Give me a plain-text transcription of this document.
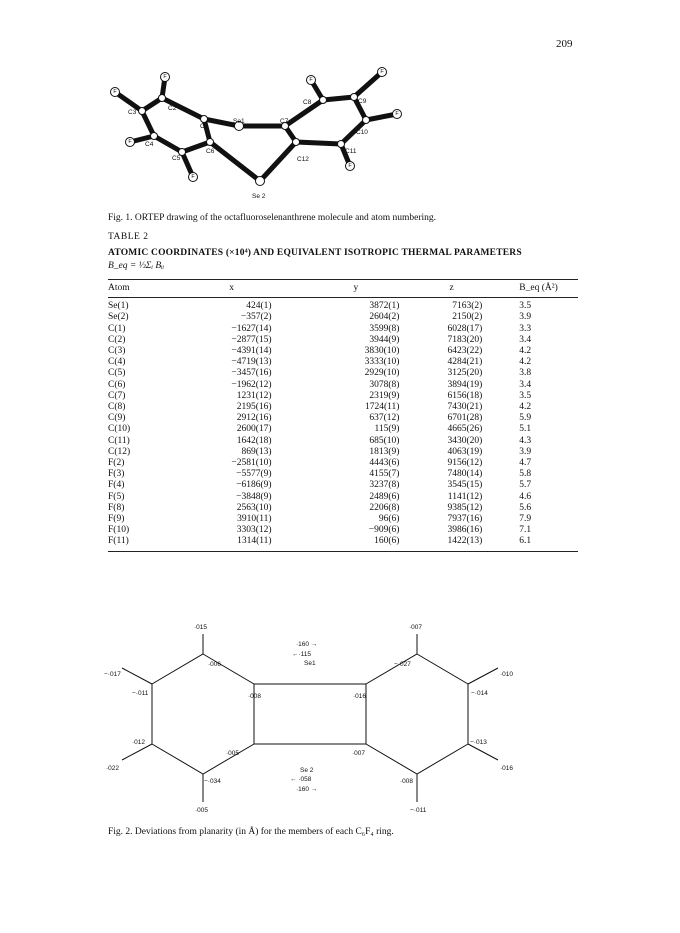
209
F
F
F
F
F
F
F
F
C3
C2
C1
Se1	C7
C8	C9
C10
C11
C12
C6
C5
C4
Se 2
Fig. 1. ORTEP drawing of the octafluoroselenanthrene molecule and atom numbering.
TABLE 2
ATOMIC COORDINATES (×10⁴) AND EQUIVALENT ISOTROPIC THERMAL PARAMETERS
B_eq = ⅓Σᵢ Bᵢᵢ
Atom	x	y	z	B_eq (Å²)
Se(1)	424(1)	3872(1)	7163(2)	3.5
Se(2)	−357(2)	2604(2)	2150(2)	3.9
C(1)	−1627(14)	3599(8)	6028(17)	3.3
C(2)	−2877(15)	3944(9)	7183(20)	3.4
C(3)	−4391(14)	3830(10)	6423(22)	4.2
C(4)	−4719(13)	3333(10)	4284(21)	4.2
C(5)	−3457(16)	2929(10)	3125(20)	3.8
C(6)	−1962(12)	3078(8)	3894(19)	3.4
C(7)	1231(12)	2319(9)	6156(18)	3.5
C(8)	2195(16)	1724(11)	7430(21)	4.2
C(9)	2912(16)	637(12)	6701(28)	5.9
C(10)	2600(17)	115(9)	4665(26)	5.1
C(11)	1642(18)	685(10)	3430(20)	4.3
C(12)	869(13)	1813(9)	4063(19)	3.9
F(2)	−2581(10)	4443(6)	9156(12)	4.7
F(3)	−5577(9)	4155(7)	7480(14)	5.8
F(4)	−6186(9)	3237(8)	3545(15)	5.7
F(5)	−3848(9)	2489(6)	1141(12)	4.6
F(8)	2563(10)	2206(8)	9385(12)	5.6
F(9)	3910(11)	96(6)	7937(16)	7.9
F(10)	3303(12)	−909(6)	3986(16)	7.1
F(11)	1314(11)	160(6)	1422(13)	6.1
·015
·006
−·017
−·011	·008
·012
·022
·005
−·034
·005
·160 →
←·115
Se1
·016
−·027
·007
·010
−·014
−·013
·016
·007
·008
−·011
Se 2
← ·058
·160 →
Fig. 2. Deviations from planarity (in Å) for the members of each C₆F₄ ring.
